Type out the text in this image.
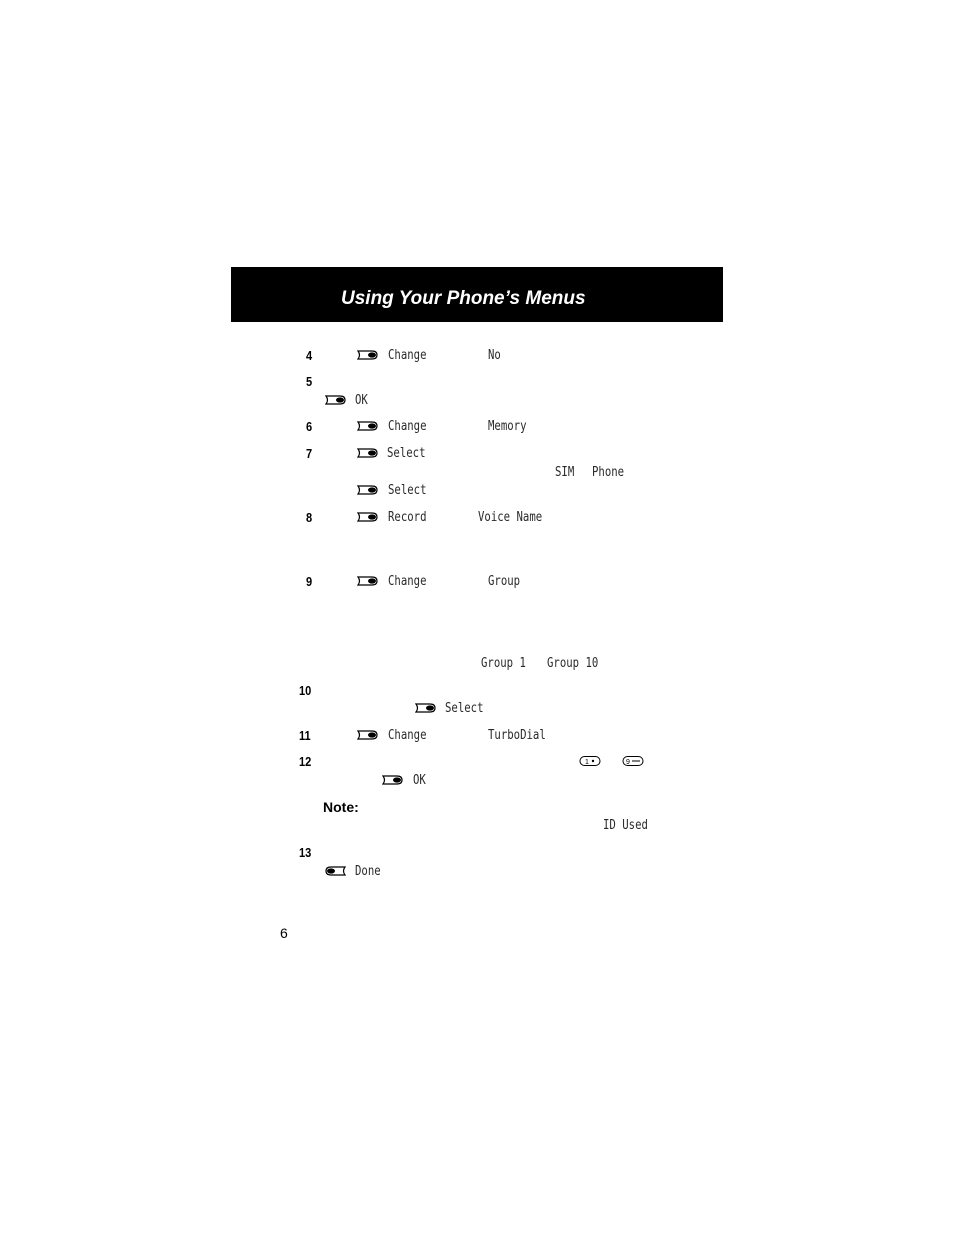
Using Your Phone’s Menus
4	Change	No
5
OK
6	Change	Memory
7	Select
SIM Phone
Select
8	Record	Voice Name
9	Change	Group
Group 1 Group 10
10
Select
11	Change	TurboDial
12	1	9
OK
Note:
ID Used
13
Done
6
